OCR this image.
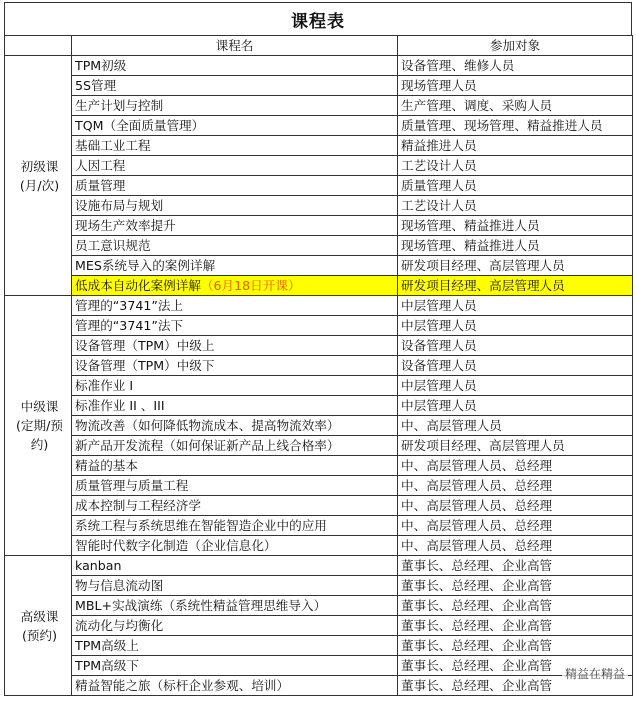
课程表
	课程名	参加对象
初级课
(月/次)	TPM初级	设备管理、维修人员
	5S管理	现场管理人员
	生产计划与控制	生产管理、调度、采购人员
	TQM（全面质量管理）	质量管理、现场管理、精益推进人员
	基础工业工程	精益推进人员
	人因工程	工艺设计人员
	质量管理	质量管理人员
	设施布局与规划	工艺设计人员
	现场生产效率提升	现场管理、精益推进人员
	员工意识规范	现场管理、精益推进人员
	MES系统导入的案例详解	研发项目经理、高层管理人员
	低成本自动化案例详解（6月18日开课）	研发项目经理、高层管理人员
中级课
(定期/预约)	管理的“3741”法上	中层管理人员
	管理的“3741”法下	中层管理人员
	设备管理（TPM）中级上	设备管理人员
	设备管理（TPM）中级下	设备管理人员
	标准作业 I	中层管理人员
	标准作业 II 、III	中层管理人员
	物流改善（如何降低物流成本、提高物流效率）	中、高层管理人员
	新产品开发流程（如何保证新产品上线合格率）	研发项目经理、高层管理人员
	精益的基本	中、高层管理人员、总经理
	质量管理与质量工程	中、高层管理人员、总经理
	成本控制与工程经济学	中、高层管理人员、总经理
	系统工程与系统思维在智能智造企业中的应用	中、高层管理人员、总经理
	智能时代数字化制造（企业信息化）	中、高层管理人员、总经理
高级课
(预约)	kanban	董事长、总经理、企业高管
	物与信息流动图	董事长、总经理、企业高管
	MBL+实战演练（系统性精益管理思维导入）	董事长、总经理、企业高管
	流动化与均衡化	董事长、总经理、企业高管
	TPM高级上	董事长、总经理、企业高管
	TPM高级下	董事长、总经理、企业高管
	精益智能之旅（标杆企业参观、培训）	董事长、总经理、企业高管
精益在精益
